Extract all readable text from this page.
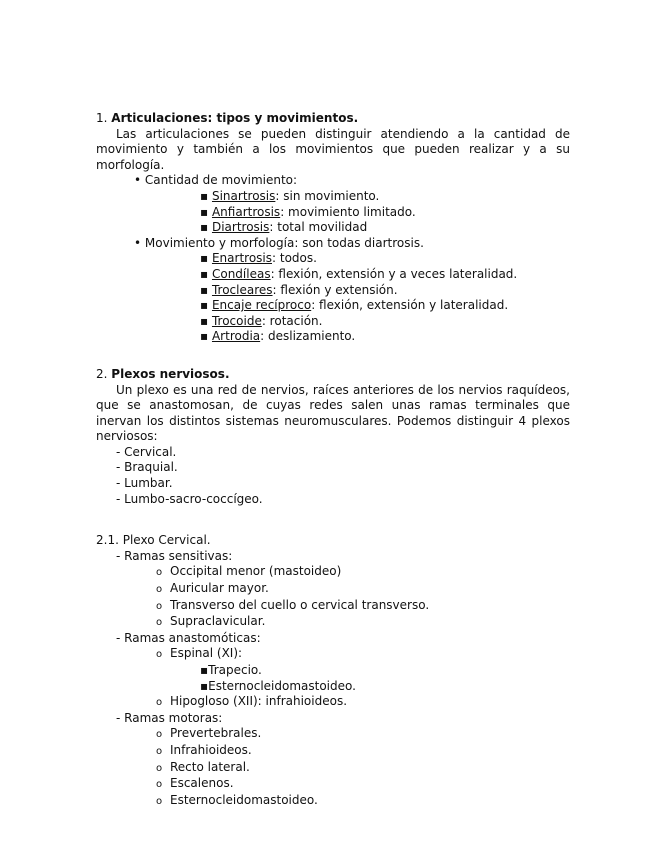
1. Articulaciones: tipos y movimientos.

Las articulaciones se pueden distinguir atendiendo a la cantidad de movimiento y también a los movimientos que pueden realizar y a su morfología.

• Cantidad de movimiento:
▪ Sinartrosis: sin movimiento.
▪ Anfiartrosis: movimiento limitado.
▪ Diartrosis: total movilidad
• Movimiento y morfología: son todas diartrosis.
▪ Enartrosis: todos.
▪ Condíleas: flexión, extensión y a veces lateralidad.
▪ Trocleares: flexión y extensión.
▪ Encaje recíproco: flexión, extensión y lateralidad.
▪ Trocoide: rotación.
▪ Artrodia: deslizamiento.

2. Plexos nerviosos.

Un plexo es una red de nervios, raíces anteriores de los nervios raquídeos, que se anastomosan, de cuyas redes salen unas ramas terminales que inervan los distintos sistemas neuromusculares. Podemos distinguir 4 plexos nerviosos:

- Cervical.
- Braquial.
- Lumbar.
- Lumbo-sacro-coccígeo.

2.1. Plexo Cervical.

- Ramas sensitivas:
o Occipital menor (mastoideo)
o Auricular mayor.
o Transverso del cuello o cervical transverso.
o Supraclavicular.
- Ramas anastomóticas:
o Espinal (XI):
▪Trapecio.
▪Esternocleidomastoideo.
o Hipogloso (XII): infrahioideos.
- Ramas motoras:
o Prevertebrales.
o Infrahioideos.
o Recto lateral.
o Escalenos.
o Esternocleidomastoideo.
